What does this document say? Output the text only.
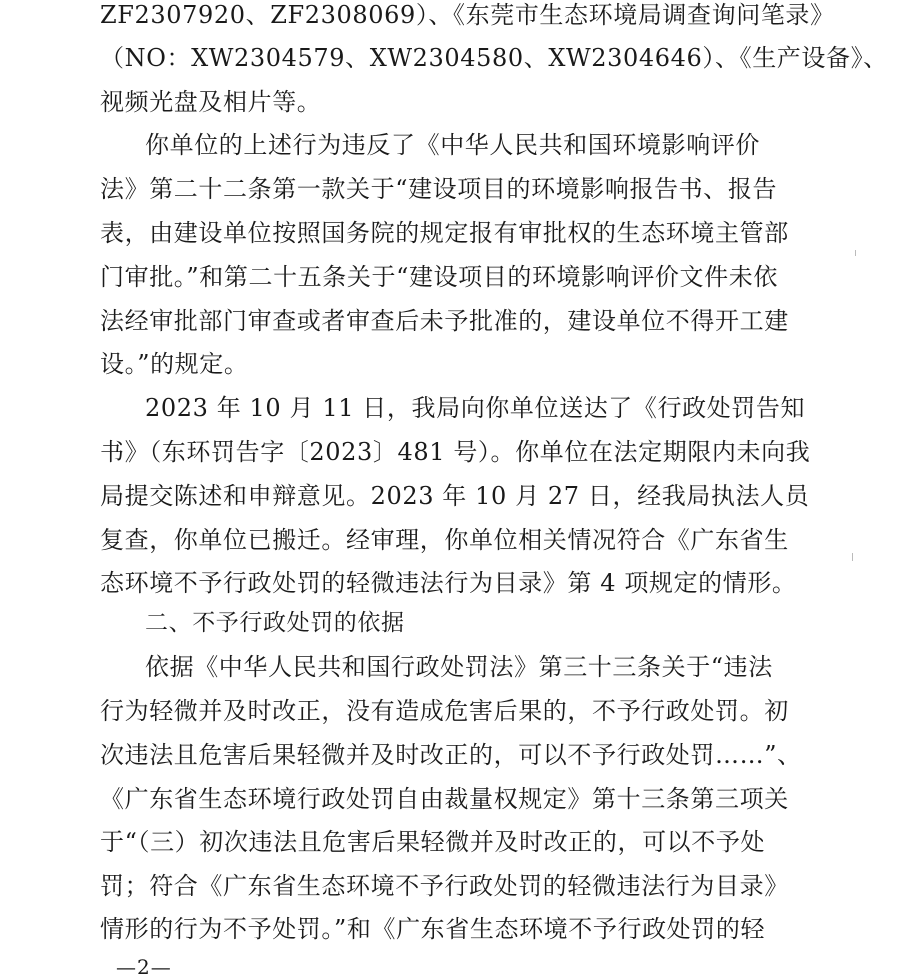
ZF2307920、ZF2308069）、《东莞市生态环境局调查询问笔录》
（NO：XW2304579、XW2304580、XW2304646）、《生产设备》、
视频光盘及相片等。
你单位的上述行为违反了《中华人民共和国环境影响评价
法》第二十二条第一款关于“建设项目的环境影响报告书、报告
表，由建设单位按照国务院的规定报有审批权的生态环境主管部
门审批。”和第二十五条关于“建设项目的环境影响评价文件未依
法经审批部门审查或者审查后未予批准的，建设单位不得开工建
设。”的规定。
2023 年 10 月 11 日，我局向你单位送达了《行政处罚告知
书》（东环罚告字〔2023〕481 号）。你单位在法定期限内未向我
局提交陈述和申辩意见。2023 年 10 月 27 日，经我局执法人员
复查，你单位已搬迁。经审理，你单位相关情况符合《广东省生
态环境不予行政处罚的轻微违法行为目录》第 4 项规定的情形。
二、不予行政处罚的依据
依据《中华人民共和国行政处罚法》第三十三条关于“违法
行为轻微并及时改正，没有造成危害后果的，不予行政处罚。初
次违法且危害后果轻微并及时改正的，可以不予行政处罚……”、
《广东省生态环境行政处罚自由裁量权规定》第十三条第三项关
于“（三）初次违法且危害后果轻微并及时改正的，可以不予处
罚；符合《广东省生态环境不予行政处罚的轻微违法行为目录》
情形的行为不予处罚。”和《广东省生态环境不予行政处罚的轻
—2—
